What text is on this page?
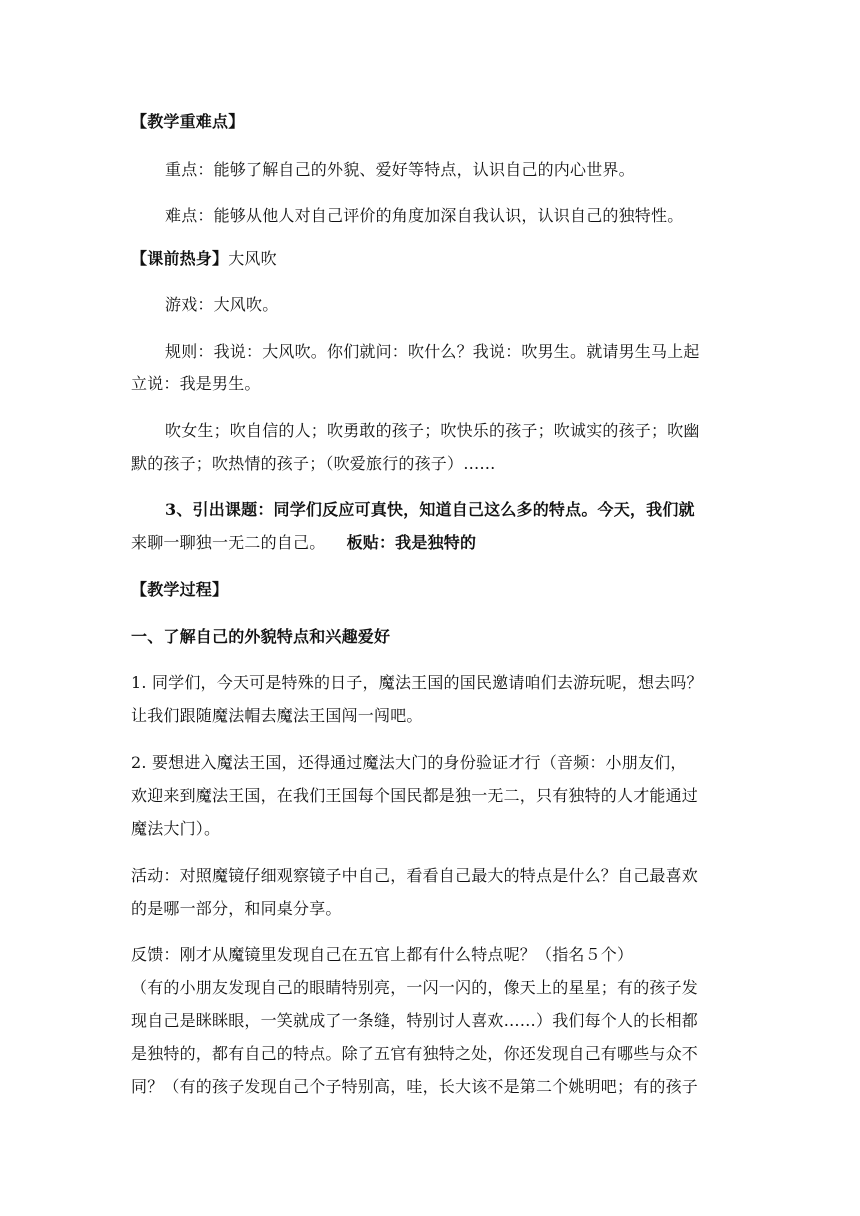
【教学重难点】
重点：能够了解自己的外貌、爱好等特点，认识自己的内心世界。
难点：能够从他人对自己评价的角度加深自我认识，认识自己的独特性。
【课前热身】大风吹
游戏：大风吹。
规则：我说：大风吹。你们就问：吹什么？我说：吹男生。就请男生马上起
立说：我是男生。
吹女生；吹自信的人；吹勇敢的孩子；吹快乐的孩子；吹诚实的孩子；吹幽
默的孩子；吹热情的孩子；（吹爱旅行的孩子）……
3、引出课题：同学们反应可真快，知道自己这么多的特点。今天，我们就
来聊一聊独一无二的自己。 板贴：我是独特的
【教学过程】
一、了解自己的外貌特点和兴趣爱好
1. 同学们，今天可是特殊的日子，魔法王国的国民邀请咱们去游玩呢，想去吗？
让我们跟随魔法帽去魔法王国闯一闯吧。
2. 要想进入魔法王国，还得通过魔法大门的身份验证才行（音频：小朋友们，
欢迎来到魔法王国，在我们王国每个国民都是独一无二，只有独特的人才能通过
魔法大门）。
活动：对照魔镜仔细观察镜子中自己，看看自己最大的特点是什么？自己最喜欢
的是哪一部分，和同桌分享。
反馈：刚才从魔镜里发现自己在五官上都有什么特点呢？（指名５个）
（有的小朋友发现自己的眼睛特别亮，一闪一闪的，像天上的星星；有的孩子发
现自己是眯眯眼，一笑就成了一条缝，特别讨人喜欢……）我们每个人的长相都
是独特的，都有自己的特点。除了五官有独特之处，你还发现自己有哪些与众不
同？（有的孩子发现自己个子特别高，哇，长大该不是第二个姚明吧；有的孩子
